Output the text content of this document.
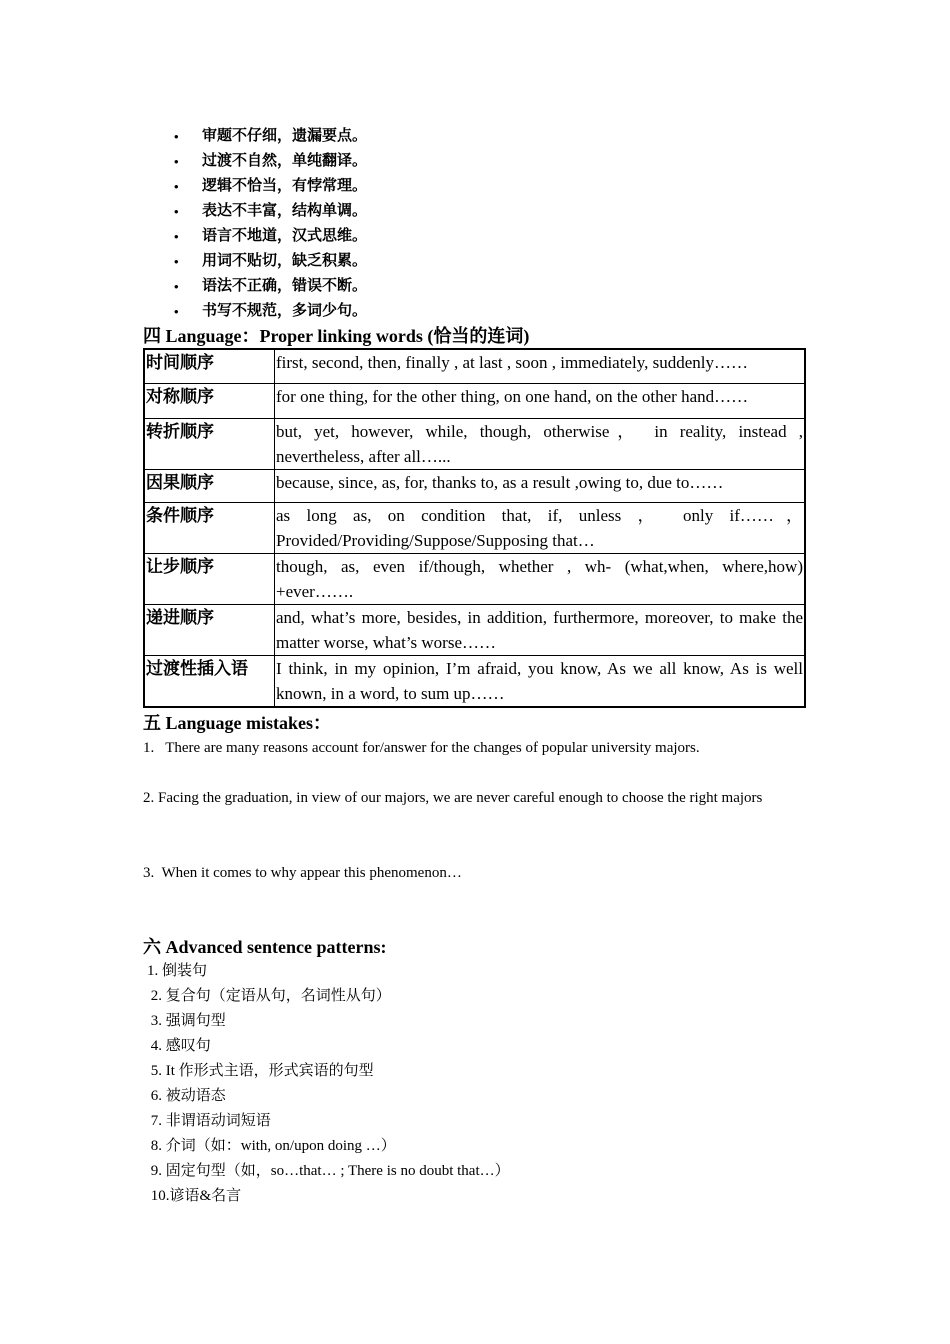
• 审题不仔细，遗漏要点。
• 过渡不自然，单纯翻译。
• 逻辑不恰当，有悖常理。
• 表达不丰富，结构单调。
• 语言不地道，汉式思维。
• 用词不贴切，缺乏积累。
• 语法不正确，错误不断。
• 书写不规范，多词少句。
四 Language：Proper linking words (恰当的连词)
时间顺序	first, second, then, finally , at last , soon , immediately, suddenly……
对称顺序	for one thing, for the other thing, on one hand, on the other hand……
转折顺序	but, yet, however, while, though, otherwise， in reality, instead , nevertheless, after all…...
因果顺序	because, since, as, for, thanks to, as a result ,owing to, due to……
条件顺序	as long as, on condition that, if, unless ， only if……，Provided/Providing/Suppose/Supposing that…
让步顺序	though, as, even if/though, whether , wh- (what,when, where,how) +ever…….
递进顺序	and, what’s more, besides, in addition, furthermore, moreover, to make the matter worse, what’s worse……
过渡性插入语	I think, in my opinion, I’m afraid, you know, As we all know, As is well known, in a word, to sum up……
五 Language mistakes：
1.   There are many reasons account for/answer for the changes of popular university majors.
2. Facing the graduation, in view of our majors, we are never careful enough to choose the right majors
3.  When it comes to why appear this phenomenon…
六 Advanced sentence patterns:
1. 倒装句
2. 复合句（定语从句，名词性从句）
3. 强调句型
4. 感叹句
5. It 作形式主语，形式宾语的句型
6. 被动语态
7. 非谓语动词短语
8. 介词（如：with, on/upon doing …）
9. 固定句型（如，so…that… ; There is no doubt that…）
10.谚语&名言
